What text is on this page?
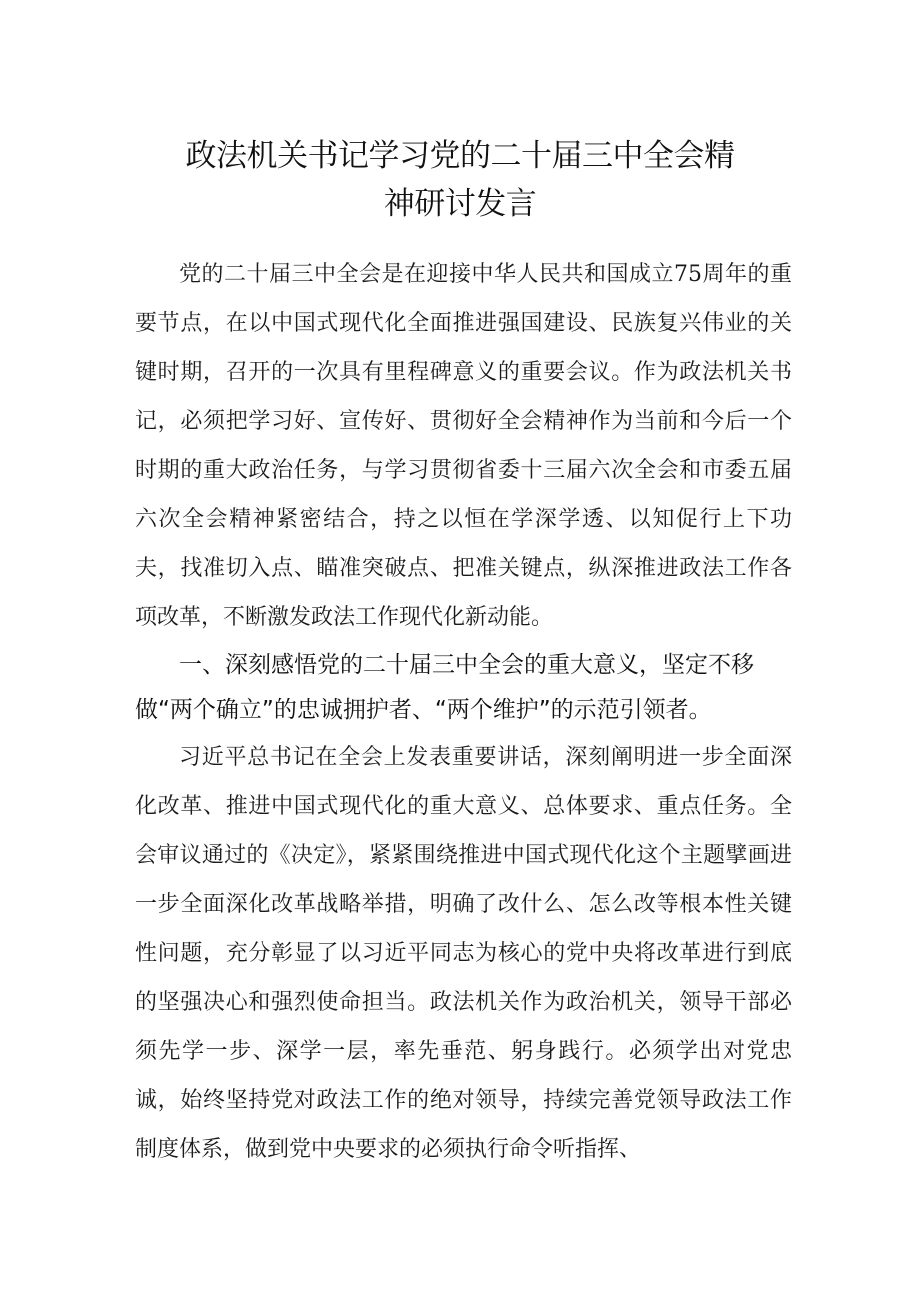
政法机关书记学习党的二十届三中全会精
神研讨发言

党的二十届三中全会是在迎接中华人民共和国成立75周年的重要节点，在以中国式现代化全面推进强国建设、民族复兴伟业的关键时期，召开的一次具有里程碑意义的重要会议。作为政法机关书记，必须把学习好、宣传好、贯彻好全会精神作为当前和今后一个时期的重大政治任务，与学习贯彻省委十三届六次全会和市委五届六次全会精神紧密结合，持之以恒在学深学透、以知促行上下功夫，找准切入点、瞄准突破点、把准关键点，纵深推进政法工作各项改革，不断激发政法工作现代化新动能。

一、深刻感悟党的二十届三中全会的重大意义，坚定不移做“两个确立”的忠诚拥护者、“两个维护”的示范引领者。

习近平总书记在全会上发表重要讲话，深刻阐明进一步全面深化改革、推进中国式现代化的重大意义、总体要求、重点任务。全会审议通过的《决定》，紧紧围绕推进中国式现代化这个主题擘画进一步全面深化改革战略举措，明确了改什么、怎么改等根本性关键性问题，充分彰显了以习近平同志为核心的党中央将改革进行到底的坚强决心和强烈使命担当。政法机关作为政治机关，领导干部必须先学一步、深学一层，率先垂范、躬身践行。必须学出对党忠诚，始终坚持党对政法工作的绝对领导，持续完善党领导政法工作制度体系，做到党中央要求的必须执行命令听指挥、
